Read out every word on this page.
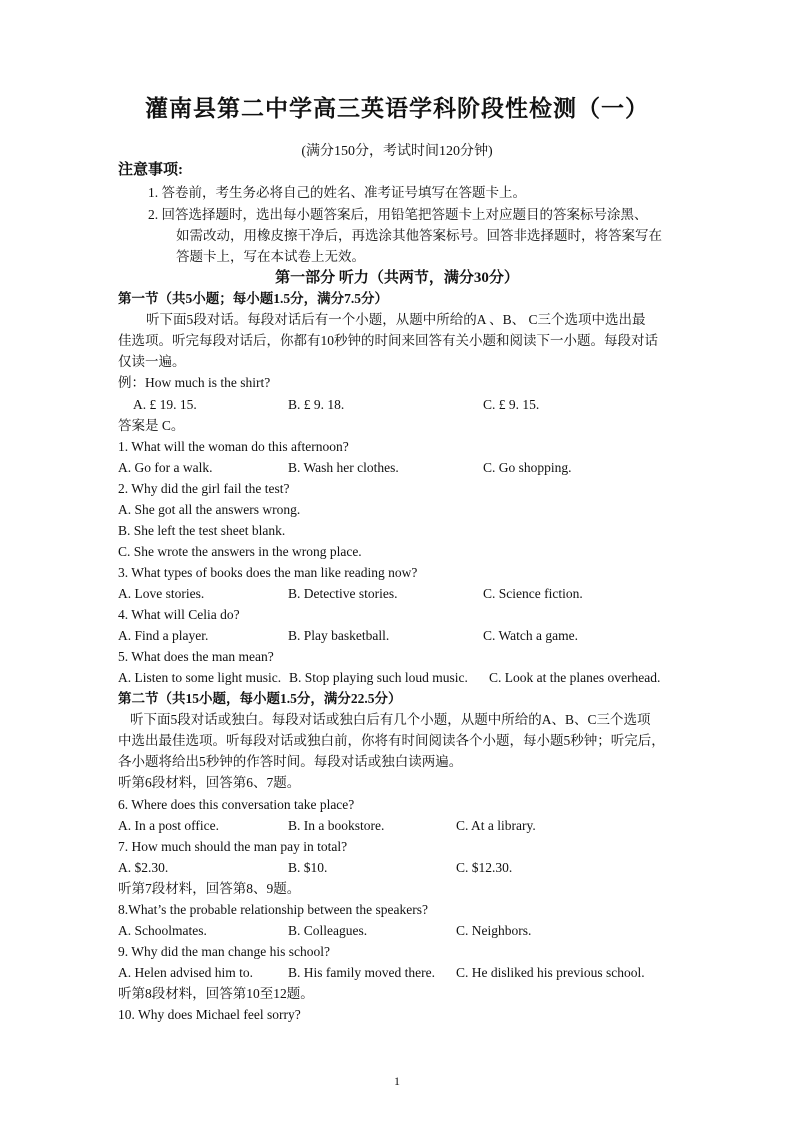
灌南县第二中学高三英语学科阶段性检测（一）
(满分150分，考试时间120分钟)
注意事项:
1. 答卷前，考生务必将自己的姓名、准考证号填写在答题卡上。
2. 回答选择题时，选出每小题答案后，用铅笔把答题卡上对应题目的答案标号涂黑、
如需改动，用橡皮擦干净后，再选涂其他答案标号。回答非选择题时，将答案写在
答题卡上，写在本试卷上无效。
第一部分 听力（共两节，满分30分）
第一节（共5小题；每小题1.5分，满分7.5分）
听下面5段对话。每段对话后有一个小题，从题中所给的A 、B、 C三个选项中选出最
佳选项。听完每段对话后，你都有10秒钟的时间来回答有关小题和阅读下一小题。每段对话
仅读一遍。
例：How much is the shirt?
A. £ 19. 15.	B. £ 9. 18.	C. £ 9. 15.
答案是 C。
1. What will the woman do this afternoon?
A. Go for a walk.	B. Wash her clothes.	C. Go shopping.
2. Why did the girl fail the test?
A. She got all the answers wrong.
B. She left the test sheet blank.
C. She wrote the answers in the wrong place.
3. What types of books does the man like reading now?
A. Love stories.	B. Detective stories.	C. Science fiction.
4. What will Celia do?
A. Find a player.	B. Play basketball.	C. Watch a game.
5. What does the man mean?
A. Listen to some light music. B. Stop playing such loud music. C. Look at the planes overhead.
第二节（共15小题，每小题1.5分，满分22.5分）
听下面5段对话或独白。每段对话或独白后有几个小题，从题中所给的A、B、C三个选项
中选出最佳选项。听每段对话或独白前，你将有时间阅读各个小题，每小题5秒钟；听完后，
各小题将给出5秒钟的作答时间。每段对话或独白读两遍。
听第6段材料，回答第6、7题。
6. Where does this conversation take place?
A. In a post office.	B. In a bookstore.	C. At a library.
7. How much should the man pay in total?
A. $2.30.	B. $10.	C. $12.30.
听第7段材料，回答第8、9题。
8.What’s the probable relationship between the speakers?
A. Schoolmates.	B. Colleagues.	C. Neighbors.
9. Why did the man change his school?
A. Helen advised him to.	B. His family moved there. C. He disliked his previous school.
听第8段材料，回答第10至12题。
10. Why does Michael feel sorry?
1
